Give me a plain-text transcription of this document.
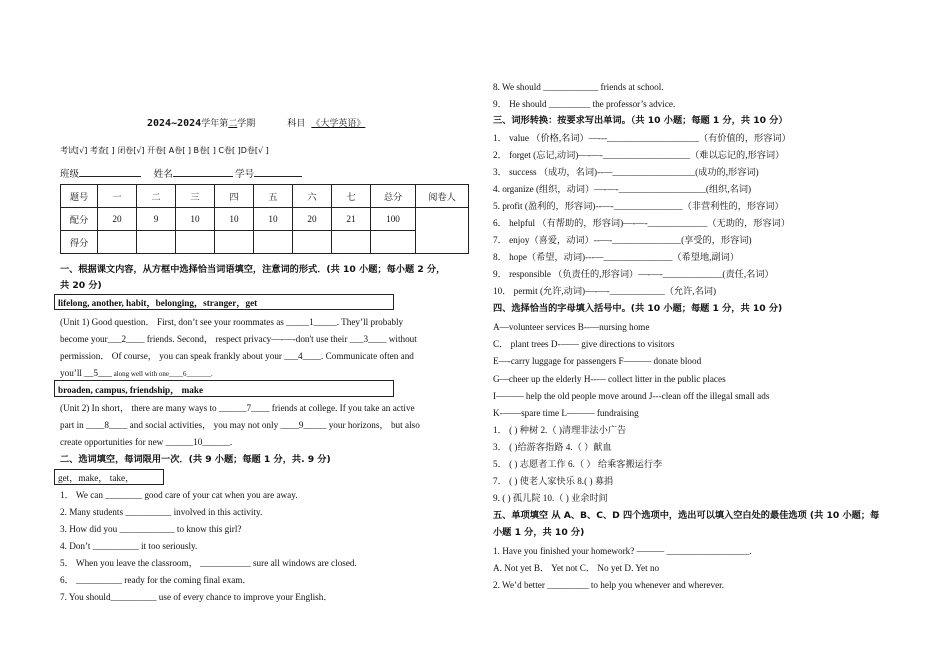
2024~2024学年第二学期	科目 《大学英语》
考试[√] 考查[ ] 闭卷[√] 开卷[ A卷[ ] B卷[ ] C卷[ ]D卷[√ ]
班级	姓名	学号
题号	一	二	三	四	五	六	七	总分	阅卷人
配分	20	9	10	10	10	20	21	100	
得分									
一、根据课文内容，从方框中选择恰当词语填空，注意词的形式．(共 10 小题；每小题 2 分，
共 20 分)
lifelong, another, habit，belonging，stranger，get
(Unit 1) Good question． First, don’t see your roommates as _____1_____. They’ll probably
become your___2____ friends. Second， respect privacy—-—-don't use their ___3____ without
permission． Of course， you can speak frankly about your ___4____. Communicate often and
you’ll __5___ along well with one____6_______.
broaden, campus, friendship， make
(Unit 2) In short， there are many ways to ______7____ friends at college. If you take an active
part in ____8____ and social activities， you may not only ____9_____ your horizons， but also
create opportunities for new ______10______.
二、选词填空，每词限用一次．(共 9 小题；每题 1 分，共. 9 分)
get，make， take，
1． We can ________ good care of your cat when you are away.
2. Many students __________ involved in this activity.
3. How did you ____________ to know this girl?
4. Don’t __________ it too seriously.
5． When you leave the classroom， ___________ sure all windows are closed.
6． __________ ready for the coming final exam．
7. You should__________ use of every chance to improve your English．
8. We should ____________ friends at school.
9． He should _________ the professor’s advice.
三、词形转换：按要求写出单词。（共 10 小题；每题 1 分，共 10 分）
1． value （价格,名词）—---____________________（有价值的，形容词）
2． forget (忘记,动词)—-—-___________________（难以忘记的,形容词）
3． success （成功，名词)--—__________________(成功的,形容词)
4. organize (组织，动词）—-—-___________________(组织,名词)
5. profit (盈利的，形容词)--—-_______________（非营利性的，形容词）
6． helpful （有帮助的，形容词)—-—-_____________（无助的，形容词）
7． enjoy（喜爱，动词）--—-_______________(享受的，形容词)
8． hope（希望，动词)---—_______________（希望地,副词）
9． responsible （负责任的,形容词）—-—-_____________(责任,名词）
10． permit (允许,动词)—-—-____________（允许,名词)
四、选择恰当的字母填入括号中。(共 10 小题；每题 1 分，共 10 分)
A—volunteer services B--—nursing home
C． plant trees D-—— give directions to visitors
E—-carry luggage for passengers F——— donate blood
G—cheer up the elderly H--— collect litter in the public places
I——— help the old people move around J---clean off the illegal small ads
K-——spare time L——— fundraising
1． ( ) 种树 2.（ )清理非法小广告
3． ( )给游客指路 4.（ ）献血
5． ( ) 志愿者工作 6.（ ） 给乘客搬运行李
7． ( ) 使老人家快乐 8.( ) 募捐
9. ( ) 孤儿院 10.（ ) 业余时间
五、单项填空 从 A、B、C、D 四个选项中，选出可以填入空白处的最佳选项 (共 10 小题；每
小题 1 分，共 10 分)
1. Have you finished your homework? ——— __________________.
A. Not yet B． Yet not C． No yet D. Yet no
2. We’d better _________ to help you whenever and wherever.
